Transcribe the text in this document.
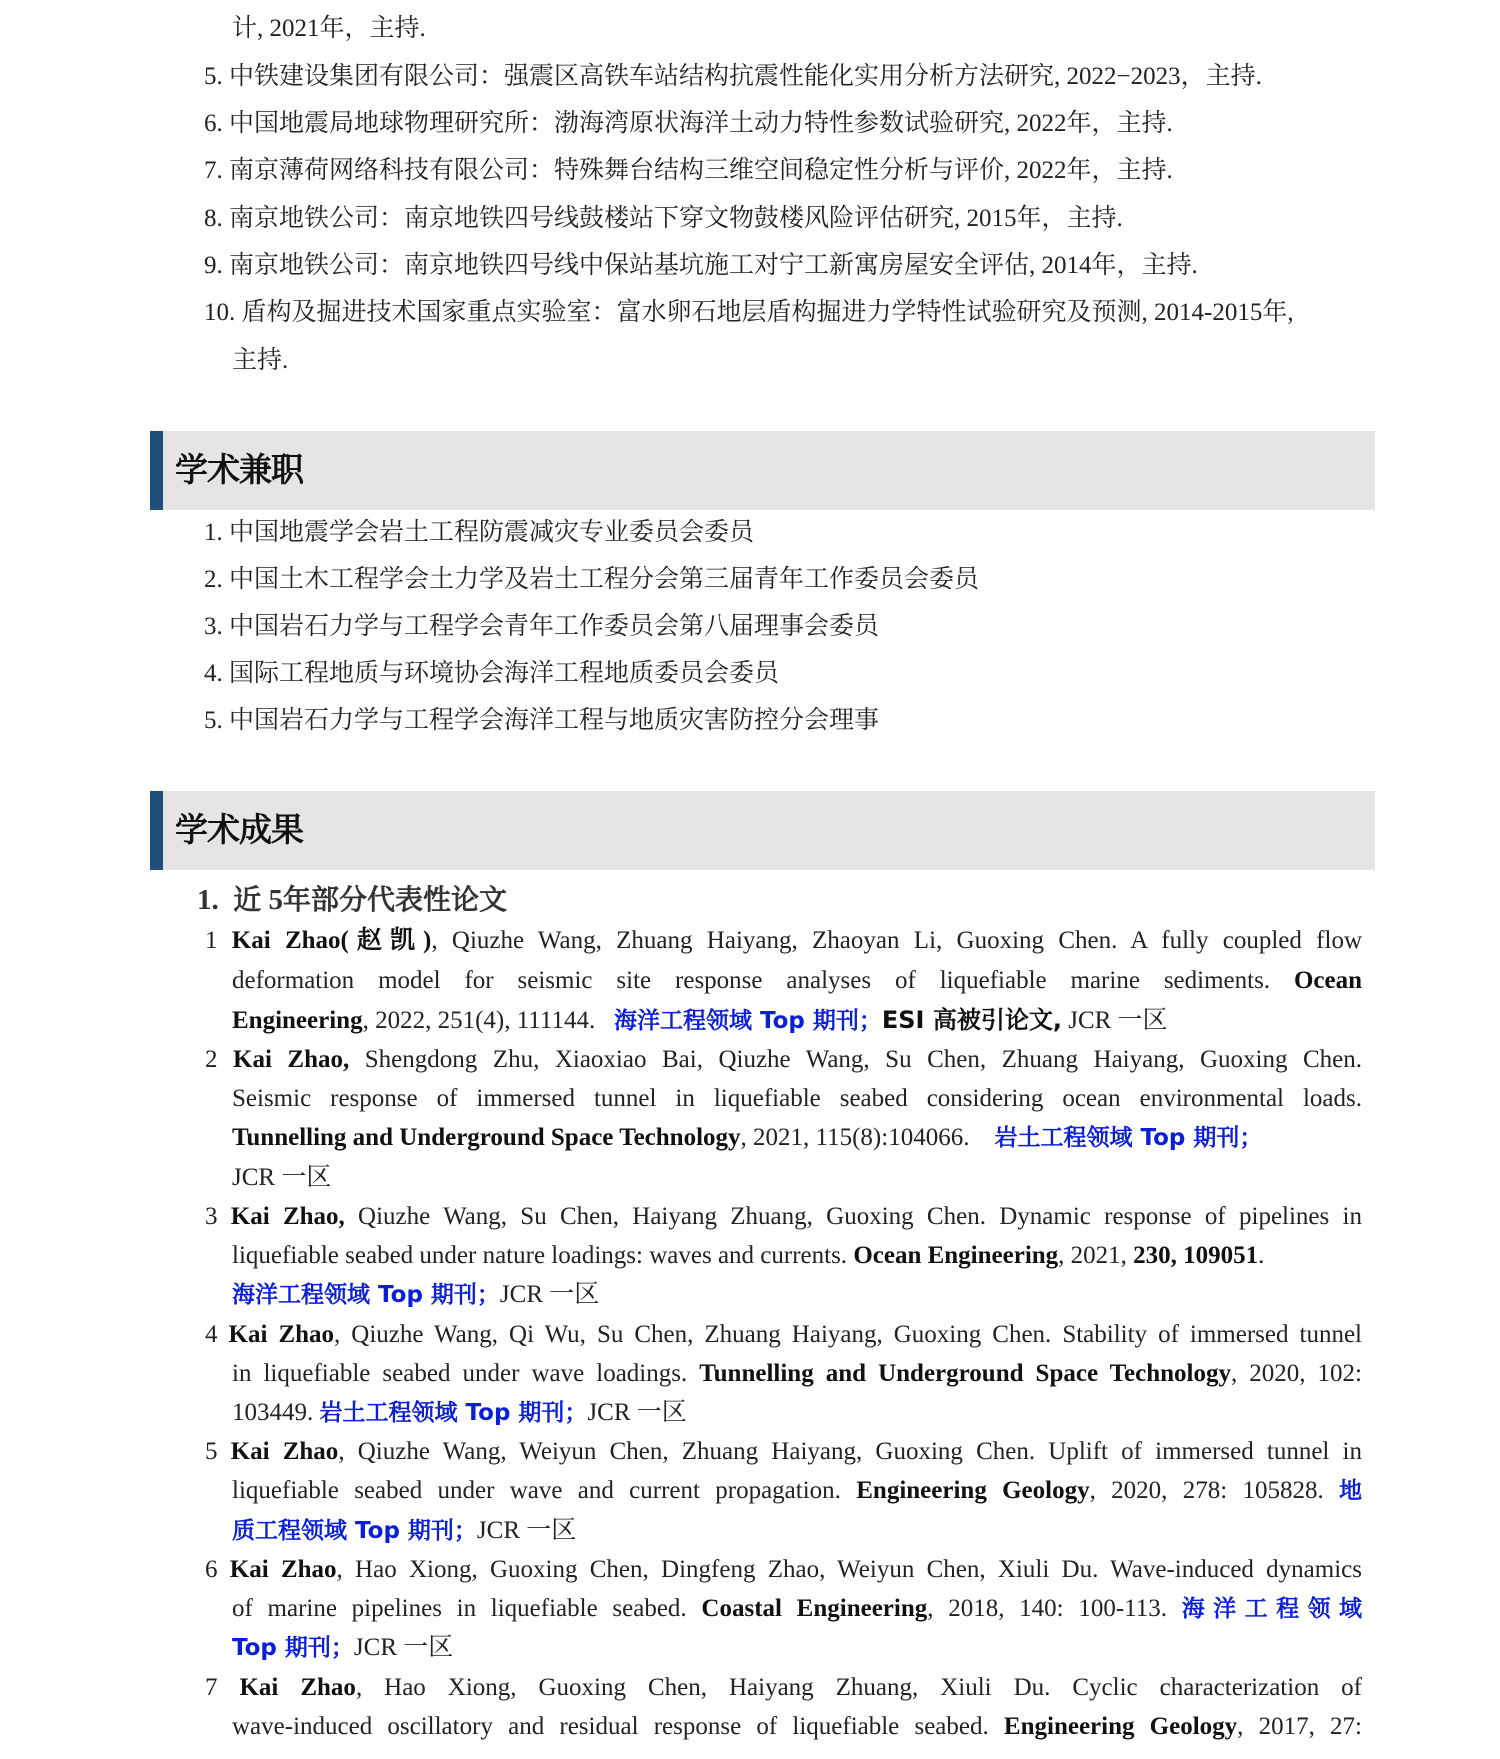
计, 2021年，主持.
5. 中铁建设集团有限公司：强震区高铁车站结构抗震性能化实用分析方法研究, 2022−2023，主持.
6. 中国地震局地球物理研究所：渤海湾原状海洋土动力特性参数试验研究, 2022年，主持.
7. 南京薄荷网络科技有限公司：特殊舞台结构三维空间稳定性分析与评价, 2022年，主持.
8. 南京地铁公司：南京地铁四号线鼓楼站下穿文物鼓楼风险评估研究, 2015年，主持.
9. 南京地铁公司：南京地铁四号线中保站基坑施工对宁工新寓房屋安全评估, 2014年，主持.
10. 盾构及掘进技术国家重点实验室：富水卵石地层盾构掘进力学特性试验研究及预测, 2014-2015年,
主持.
学术兼职
1. 中国地震学会岩土工程防震减灾专业委员会委员
2. 中国土木工程学会土力学及岩土工程分会第三届青年工作委员会委员
3. 中国岩石力学与工程学会青年工作委员会第八届理事会委员
4. 国际工程地质与环境协会海洋工程地质委员会委员
5. 中国岩石力学与工程学会海洋工程与地质灾害防控分会理事
学术成果
1. 近 5年部分代表性论文
1 Kai Zhao(赵凯), Qiuzhe Wang, Zhuang Haiyang, Zhaoyan Li, Guoxing Chen. A fully coupled flow
deformation model for seismic site response analyses of liquefiable marine sediments. Ocean
Engineering, 2022, 251(4), 111144. 海洋工程领域 Top 期刊；ESI 高被引论文, JCR 一区
2 Kai Zhao, Shengdong Zhu, Xiaoxiao Bai, Qiuzhe Wang, Su Chen, Zhuang Haiyang, Guoxing Chen.
Seismic response of immersed tunnel in liquefiable seabed considering ocean environmental loads.
Tunnelling and Underground Space Technology, 2021, 115(8):104066. 岩土工程领域 Top 期刊；
JCR 一区
3 Kai Zhao, Qiuzhe Wang, Su Chen, Haiyang Zhuang, Guoxing Chen. Dynamic response of pipelines in
liquefiable seabed under nature loadings: waves and currents. Ocean Engineering, 2021, 230, 109051.
海洋工程领域 Top 期刊；JCR 一区
4 Kai Zhao, Qiuzhe Wang, Qi Wu, Su Chen, Zhuang Haiyang, Guoxing Chen. Stability of immersed tunnel
in liquefiable seabed under wave loadings. Tunnelling and Underground Space Technology, 2020, 102:
103449. 岩土工程领域 Top 期刊；JCR 一区
5 Kai Zhao, Qiuzhe Wang, Weiyun Chen, Zhuang Haiyang, Guoxing Chen. Uplift of immersed tunnel in
liquefiable seabed under wave and current propagation. Engineering Geology, 2020, 278: 105828. 地
质工程领域 Top 期刊；JCR 一区
6 Kai Zhao, Hao Xiong, Guoxing Chen, Dingfeng Zhao, Weiyun Chen, Xiuli Du. Wave-induced dynamics
of marine pipelines in liquefiable seabed. Coastal Engineering, 2018, 140: 100-113. 海洋工程领域
Top 期刊；JCR 一区
7 Kai Zhao, Hao Xiong, Guoxing Chen, Haiyang Zhuang, Xiuli Du. Cyclic characterization of
wave-induced oscillatory and residual response of liquefiable seabed. Engineering Geology, 2017, 27:
